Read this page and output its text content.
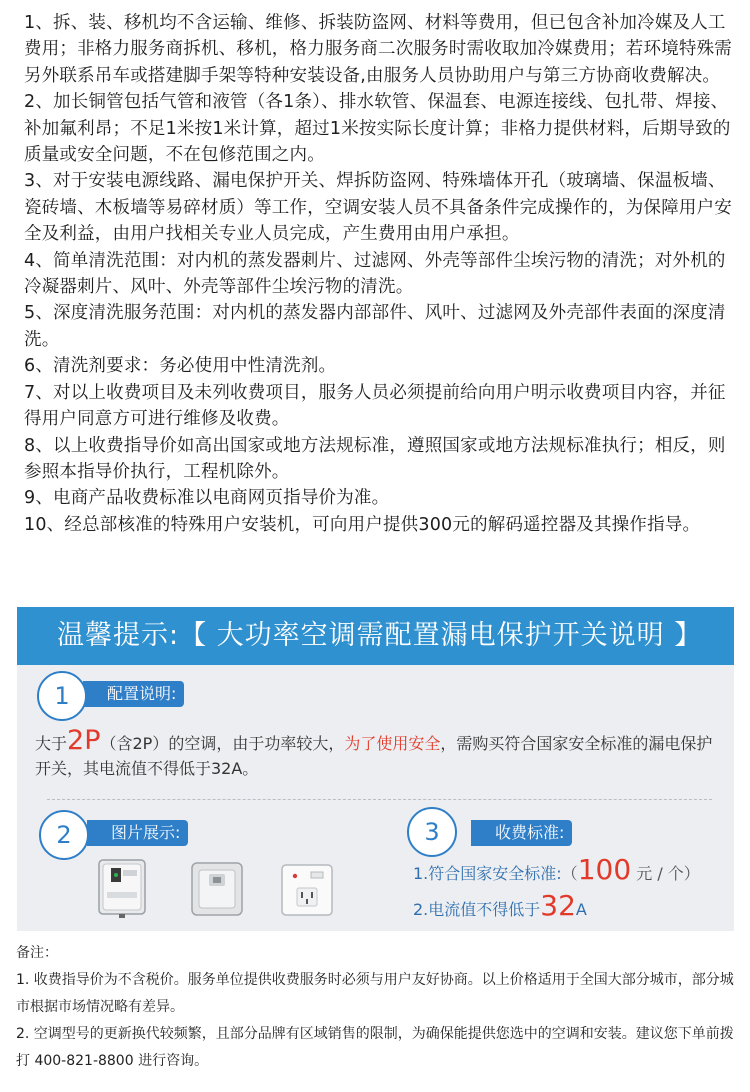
1、拆、装、移机均不含运输、维修、拆装防盗网、材料等费用，但已包含补加冷媒及人工费用；非格力服务商拆机、移机，格力服务商二次服务时需收取加冷媒费用；若环境特殊需另外联系吊车或搭建脚手架等特种安装设备,由服务人员协助用户与第三方协商收费解决。

2、加长铜管包括气管和液管（各1条）、排水软管、保温套、电源连接线、包扎带、焊接、补加氟利昂；不足1米按1米计算，超过1米按实际长度计算；非格力提供材料，后期导致的质量或安全问题，不在包修范围之内。

3、对于安装电源线路、漏电保护开关、焊拆防盗网、特殊墙体开孔（玻璃墙、保温板墙、瓷砖墙、木板墙等易碎材质）等工作，空调安装人员不具备条件完成操作的，为保障用户安全及利益，由用户找相关专业人员完成，产生费用由用户承担。

4、简单清洗范围：对内机的蒸发器刺片、过滤网、外壳等部件尘埃污物的清洗；对外机的冷凝器刺片、风叶、外壳等部件尘埃污物的清洗。

5、深度清洗服务范围：对内机的蒸发器内部部件、风叶、过滤网及外壳部件表面的深度清洗。

6、清洗剂要求：务必使用中性清洗剂。

7、对以上收费项目及未列收费项目，服务人员必须提前给向用户明示收费项目内容，并征得用户同意方可进行维修及收费。

8、以上收费指导价如高出国家或地方法规标准，遵照国家或地方法规标准执行；相反，则参照本指导价执行，工程机除外。

9、电商产品收费标准以电商网页指导价为准。

10、经总部核准的特殊用户安装机，可向用户提供300元的解码遥控器及其操作指导。

温馨提示:【 大功率空调需配置漏电保护开关说明 】
配置说明:
1
大于2P（含2P）的空调，由于功率较大，为了使用安全，需购买符合国家安全标准的漏电保护开关，其电流值不得低于32A。
图片展示:
2	收费标准:
3
1.符合国家安全标准:（100 元 / 个）
2.电流值不得低于32A

备注：

1. 收费指导价为不含税价。服务单位提供收费服务时必须与用户友好协商。以上价格适用于全国大部分城市，部分城市根据市场情况略有差异。

2. 空调型号的更新换代较频繁，且部分品牌有区域销售的限制，为确保能提供您选中的空调和安装。建议您下单前拨打 400-821-8800 进行咨询。
